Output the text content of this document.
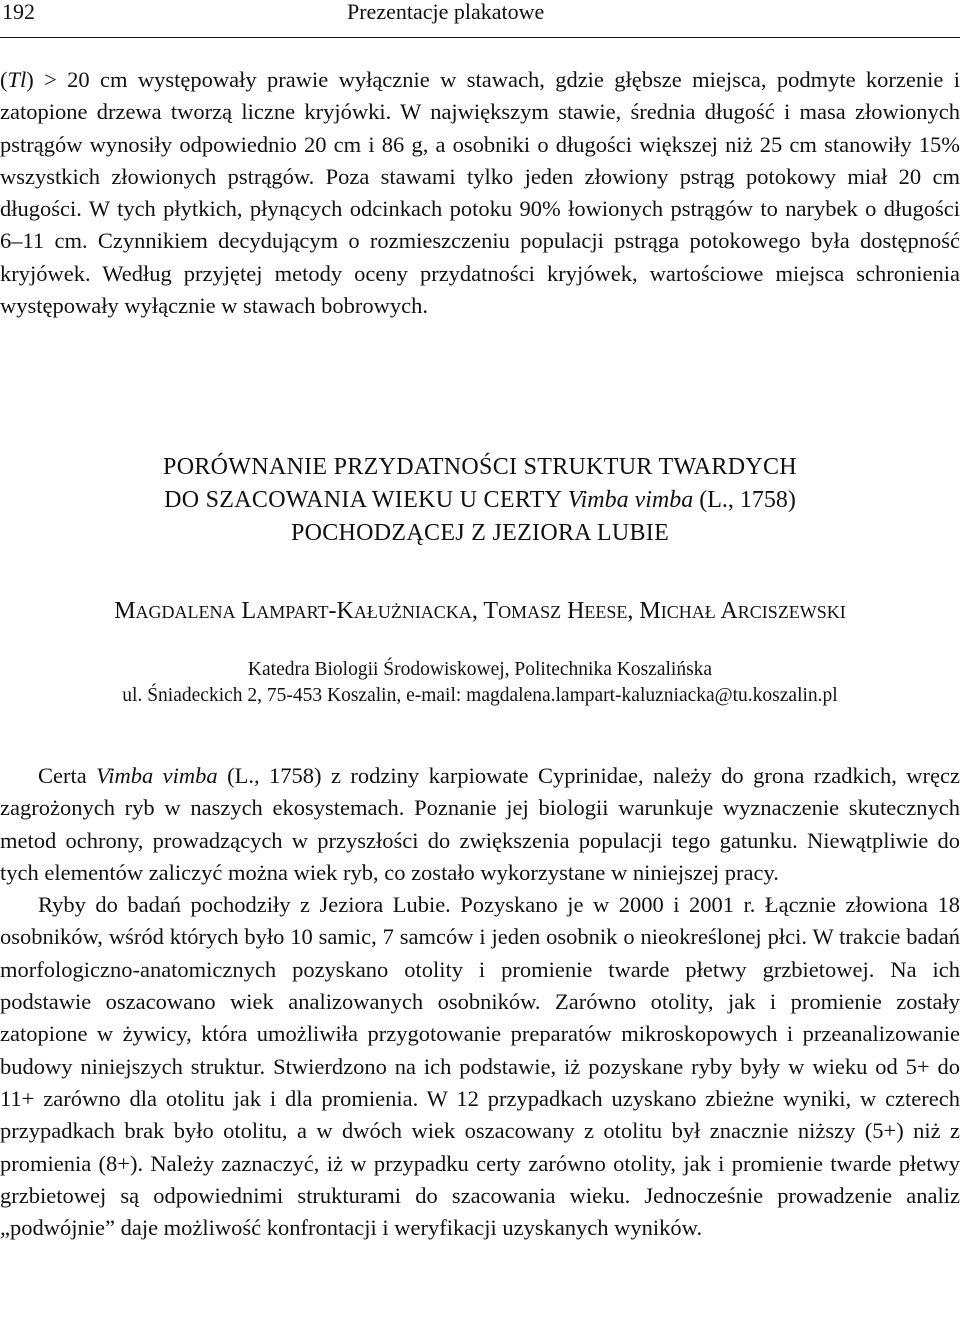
192	Prezentacje plakatowe

(Tl) > 20 cm występowały prawie wyłącznie w stawach, gdzie głębsze miejsca, podmyte korzenie i zatopione drzewa tworzą liczne kryjówki. W największym stawie, średnia długość i masa złowionych pstrągów wynosiły odpowiednio 20 cm i 86 g, a osobniki o długości większej niż 25 cm stanowiły 15% wszystkich złowionych pstrągów. Poza stawami tylko jeden złowiony pstrąg potokowy miał 20 cm długości. W tych płytkich, płynących odcinkach potoku 90% łowionych pstrągów to narybek o długości 6–11 cm. Czynnikiem decydującym o rozmieszczeniu populacji pstrąga potokowego była dostępność kryjówek. Według przyjętej metody oceny przydatności kryjówek, wartościowe miejsca schronienia występowały wyłącznie w stawach bobrowych.

PORÓWNANIE PRZYDATNOŚCI STRUKTUR TWARDYCH
DO SZACOWANIA WIEKU U CERTY Vimba vimba (L., 1758)
POCHODZĄCEJ Z JEZIORA LUBIE
MAGDALENA LAMPART-KAŁUŻNIACKA, TOMASZ HEESE, MICHAŁ ARCISZEWSKI
Katedra Biologii Środowiskowej, Politechnika Koszalińska
ul. Śniadeckich 2, 75-453 Koszalin, e-mail: magdalena.lampart-kaluzniacka@tu.koszalin.pl

Certa Vimba vimba (L., 1758) z rodziny karpiowate Cyprinidae, należy do grona rzadkich, wręcz zagrożonych ryb w naszych ekosystemach. Poznanie jej biologii warunkuje wyznaczenie skutecznych metod ochrony, prowadzących w przyszłości do zwiększenia populacji tego gatunku. Niewątpliwie do tych elementów zaliczyć można wiek ryb, co zostało wykorzystane w niniejszej pracy.

Ryby do badań pochodziły z Jeziora Lubie. Pozyskano je w 2000 i 2001 r. Łącznie złowiona 18 osobników, wśród których było 10 samic, 7 samców i jeden osobnik o nieokreślonej płci. W trakcie badań morfologiczno-anatomicznych pozyskano otolity i promienie twarde płetwy grzbietowej. Na ich podstawie oszacowano wiek analizowanych osobników. Zarówno otolity, jak i promienie zostały zatopione w żywicy, która umożliwiła przygotowanie preparatów mikroskopowych i przeanalizowanie budowy niniejszych struktur. Stwierdzono na ich podstawie, iż pozyskane ryby były w wieku od 5+ do 11+ zarówno dla otolitu jak i dla promienia. W 12 przypadkach uzyskano zbieżne wyniki, w czterech przypadkach brak było otolitu, a w dwóch wiek oszacowany z otolitu był znacznie niższy (5+) niż z promienia (8+). Należy zaznaczyć, iż w przypadku certy zarówno otolity, jak i promienie twarde płetwy grzbietowej są odpowiednimi strukturami do szacowania wieku. Jednocześnie prowadzenie analiz „podwójnie” daje możliwość konfrontacji i weryfikacji uzyskanych wyników.
